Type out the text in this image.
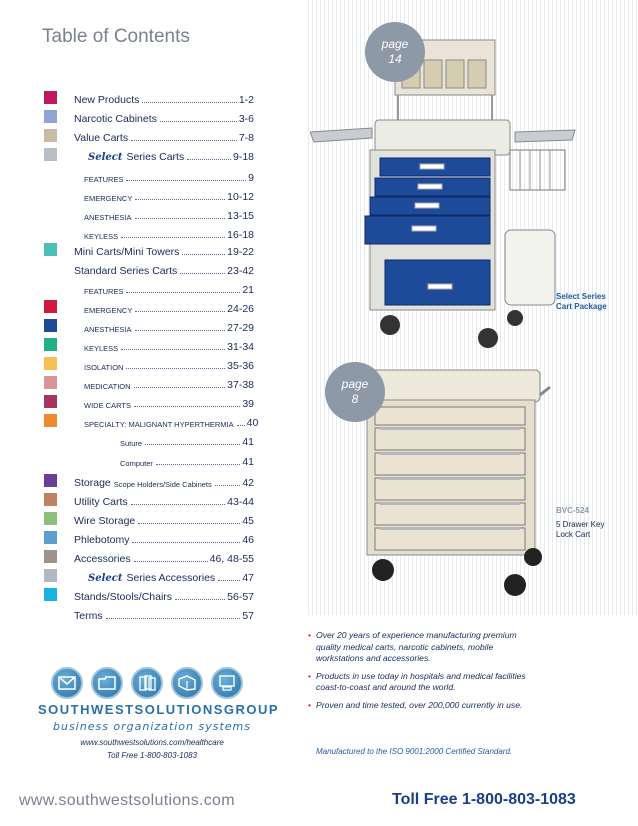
Table of Contents
New Products	1-2
Narcotic Cabinets	3-6
Value Carts	7-8
Select Series Carts	9-18
FEATURES	9
EMERGENCY	10-12
ANESTHESIA	13-15
KEYLESS	16-18
Mini Carts/Mini Towers	19-22
Standard Series Carts	23-42
FEATURES	21
EMERGENCY	24-26
ANESTHESIA	27-29
KEYLESS	31-34
ISOLATION	35-36
MEDICATION	37-38
WIDE CARTS	39
SPECIALTY: MALIGNANT HYPERTHERMIA 40
Suture	41
Computer	41
Storage Scope Holders/Side Cabinets	42
Utility Carts	43-44
Wire Storage	45
Phlebotomy	46
Accessories	46, 48-55
Select Series Accessories	47
Stands/Stools/Chairs	56-57
Terms	57
page
14
Select Series
Cart Package
page
8
BVC-524
5 Drawer Key
Lock Cart
• Over 20 years of experience manufacturing premium
quality medical carts, narcotic cabinets, mobile
workstations and accessories.
• Products in use today in hospitals and medical facilities
coast-to-coast and around the world.
• Proven and time tested, over 200,000 currently in use.
Manufactured to the ISO 9001:2000 Certified Standard.
SOUTHWESTSOLUTIONSGROUP
business organization systems
www.southwestsolutions.com/healthcare
Toll Free 1-800-803-1083
www.southwestsolutions.com	Toll Free 1-800-803-1083
